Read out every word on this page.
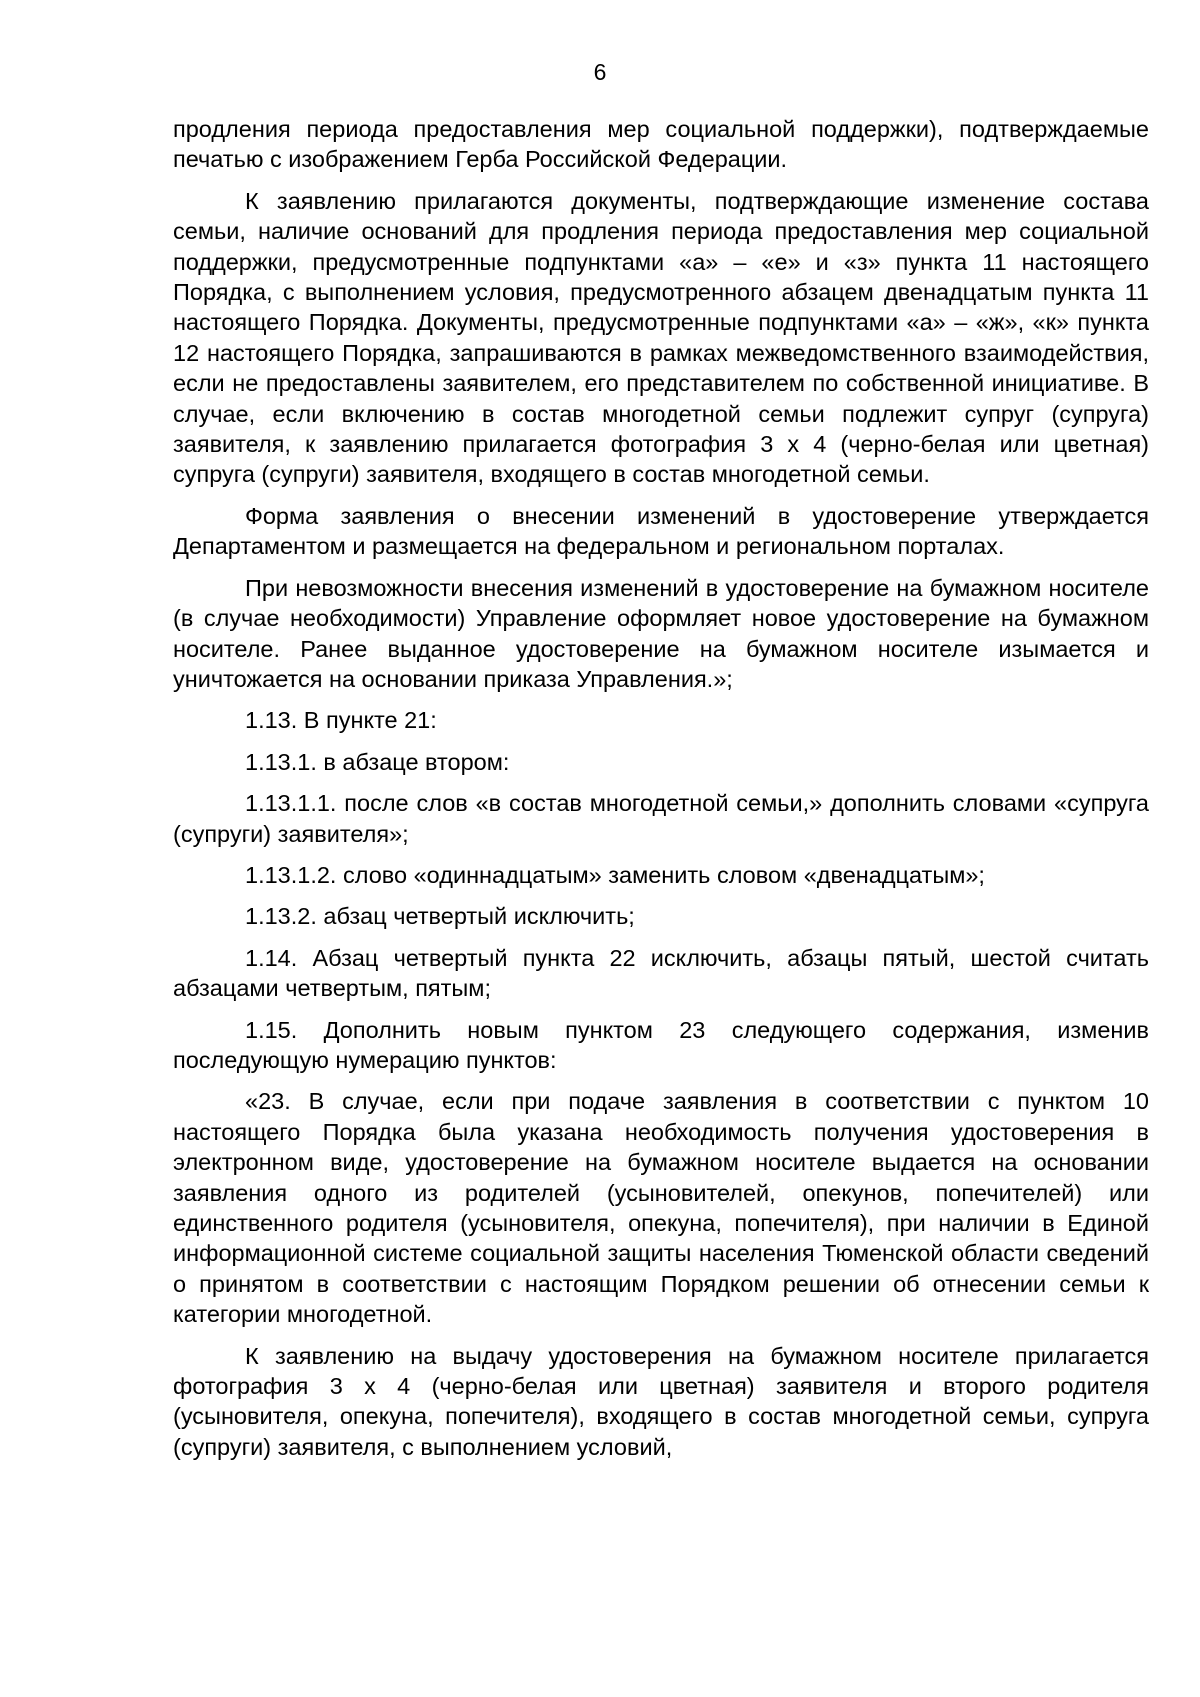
6

продления периода предоставления мер социальной поддержки), подтверждаемые печатью с изображением Герба Российской Федерации.

К заявлению прилагаются документы, подтверждающие изменение состава семьи, наличие оснований для продления периода предоставления мер социальной поддержки, предусмотренные подпунктами «а» – «е» и «з» пункта 11 настоящего Порядка, с выполнением условия, предусмотренного абзацем двенадцатым пункта 11 настоящего Порядка. Документы, предусмотренные подпунктами «а» – «ж», «к» пункта 12 настоящего Порядка, запрашиваются в рамках межведомственного взаимодействия, если не предоставлены заявителем, его представителем по собственной инициативе. В случае, если включению в состав многодетной семьи подлежит супруг (супруга) заявителя, к заявлению прилагается фотография 3 х 4 (черно-белая или цветная) супруга (супруги) заявителя, входящего в состав многодетной семьи.

Форма заявления о внесении изменений в удостоверение утверждается Департаментом и размещается на федеральном и региональном порталах.

При невозможности внесения изменений в удостоверение на бумажном носителе (в случае необходимости) Управление оформляет новое удостоверение на бумажном носителе. Ранее выданное удостоверение на бумажном носителе изымается и уничтожается на основании приказа Управления.»;

1.13. В пункте 21:

1.13.1. в абзаце втором:

1.13.1.1. после слов «в состав многодетной семьи,» дополнить словами «супруга (супруги) заявителя»;

1.13.1.2. слово «одиннадцатым» заменить словом «двенадцатым»;

1.13.2. абзац четвертый исключить;

1.14. Абзац четвертый пункта 22 исключить, абзацы пятый, шестой считать абзацами четвертым, пятым;

1.15. Дополнить новым пунктом 23 следующего содержания, изменив последующую нумерацию пунктов:

«23. В случае, если при подаче заявления в соответствии с пунктом 10 настоящего Порядка была указана необходимость получения удостоверения в электронном виде, удостоверение на бумажном носителе выдается на основании заявления одного из родителей (усыновителей, опекунов, попечителей) или единственного родителя (усыновителя, опекуна, попечителя), при наличии в Единой информационной системе социальной защиты населения Тюменской области сведений о принятом в соответствии с настоящим Порядком решении об отнесении семьи к категории многодетной.

К заявлению на выдачу удостоверения на бумажном носителе прилагается фотография 3 х 4 (черно-белая или цветная) заявителя и второго родителя (усыновителя, опекуна, попечителя), входящего в состав многодетной семьи, супруга (супруги) заявителя, с выполнением условий,
